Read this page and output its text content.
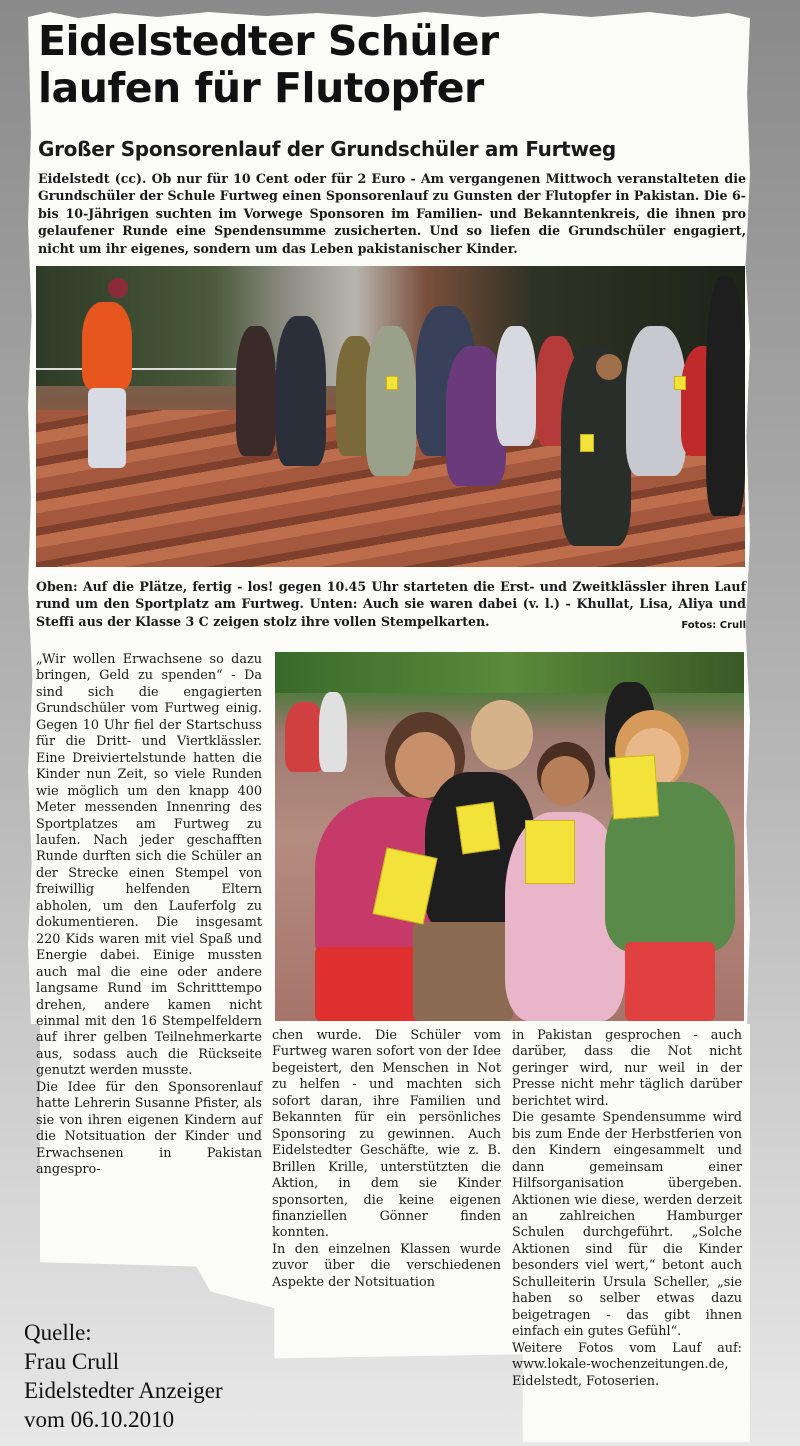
Eidelstedter Schüler
laufen für Flutopfer
Großer Sponsorenlauf der Grundschüler am Furtweg
Eidelstedt (cc). Ob nur für 10 Cent oder für 2 Euro - Am vergangenen Mittwoch veranstalteten die Grundschüler der Schule Furtweg einen Sponsorenlauf zu Gunsten der Flutopfer in Pakistan. Die 6- bis 10-Jährigen suchten im Vorwege Sponsoren im Familien- und Bekanntenkreis, die ihnen pro gelaufener Runde eine Spendensumme zusicherten. Und so liefen die Grundschüler engagiert, nicht um ihr eigenes, sondern um das Leben pakistanischer Kinder.
Oben: Auf die Plätze, fertig - los! gegen 10.45 Uhr starteten die Erst- und Zweitklässler ihren Lauf rund um den Sportplatz am Furtweg. Unten: Auch sie waren dabei (v. l.) - Khullat, Lisa, Aliya und Steffi aus der Klasse 3 C zeigen stolz ihre vollen Stempelkarten.	Fotos: Crull

„Wir wollen Erwachsene so dazu bringen, Geld zu spenden“ - Da sind sich die engagierten Grundschüler vom Furtweg einig. Gegen 10 Uhr fiel der Startschuss für die Dritt- und Viertklässler. Eine Dreiviertelstunde hatten die Kinder nun Zeit, so viele Runden wie möglich um den knapp 400 Meter messenden Innenring des Sportplatzes am Furtweg zu laufen. Nach jeder geschafften Runde durften sich die Schüler an der Strecke einen Stempel von freiwillig helfenden Eltern abholen, um den Lauferfolg zu dokumentieren. Die insgesamt 220 Kids waren mit viel Spaß und Energie dabei. Einige mussten auch mal die eine oder andere langsame Rund im Schritttempo drehen, andere kamen nicht einmal mit den 16 Stempelfeldern auf ihrer gelben Teilnehmerkarte aus, sodass auch die Rückseite genutzt werden musste.

Die Idee für den Sponsorenlauf hatte Lehrerin Susanne Pfister, als sie von ihren eigenen Kindern auf die Notsituation der Kinder und Erwachsenen in Pakistan angespro-

chen wurde. Die Schüler vom Furtweg waren sofort von der Idee begeistert, den Menschen in Not zu helfen - und machten sich sofort daran, ihre Familien und Bekannten für ein persönliches Sponsoring zu gewinnen. Auch Eidelstedter Geschäfte, wie z. B. Brillen Krille, unterstützten die Aktion, in dem sie Kinder sponsorten, die keine eigenen finanziellen Gönner finden konnten.

In den einzelnen Klassen wurde zuvor über die verschiedenen Aspekte der Notsituation

in Pakistan gesprochen - auch darüber, dass die Not nicht geringer wird, nur weil in der Presse nicht mehr täglich darüber berichtet wird.

Die gesamte Spendensumme wird bis zum Ende der Herbstferien von den Kindern eingesammelt und dann gemeinsam einer Hilfsorganisation übergeben. Aktionen wie diese, werden derzeit an zahlreichen Hamburger Schulen durchgeführt. „Solche Aktionen sind für die Kinder besonders viel wert,“ betont auch Schulleiterin Ursula Scheller, „sie haben so selber etwas dazu beigetragen - das gibt ihnen einfach ein gutes Gefühl“.

Weitere Fotos vom Lauf auf: www.lokale-wochenzeitungen.de, Eidelstedt, Fotoserien.

Quelle:
Frau Crull
Eidelstedter Anzeiger
vom 06.10.2010
